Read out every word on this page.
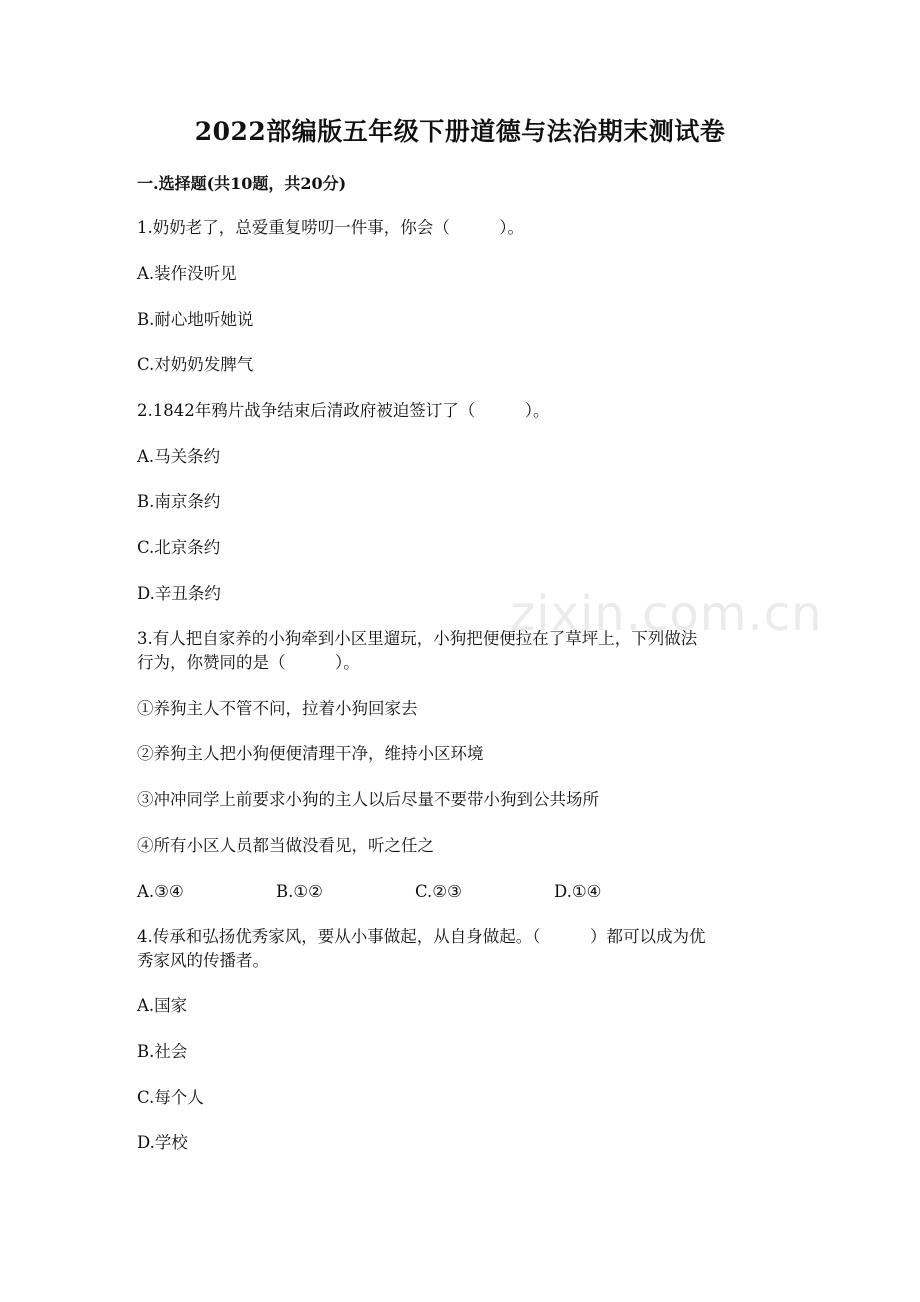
zixin.com.cn
2022部编版五年级下册道德与法治期末测试卷
一.选择题(共10题，共20分)
1.奶奶老了，总爱重复唠叨一件事，你会（　　　）。
A.装作没听见
B.耐心地听她说
C.对奶奶发脾气
2.1842年鸦片战争结束后清政府被迫签订了（　　　）。
A.马关条约
B.南京条约
C.北京条约
D.辛丑条约
3.有人把自家养的小狗牵到小区里遛玩，小狗把便便拉在了草坪上，下列做法
行为，你赞同的是（　　　）。
①养狗主人不管不问，拉着小狗回家去
②养狗主人把小狗便便清理干净，维持小区环境
③冲冲同学上前要求小狗的主人以后尽量不要带小狗到公共场所
④所有小区人员都当做没看见，听之任之
A.③④	B.①②	C.②③	D.①④
4.传承和弘扬优秀家风，要从小事做起，从自身做起。（　　　）都可以成为优
秀家风的传播者。
A.国家
B.社会
C.每个人
D.学校
